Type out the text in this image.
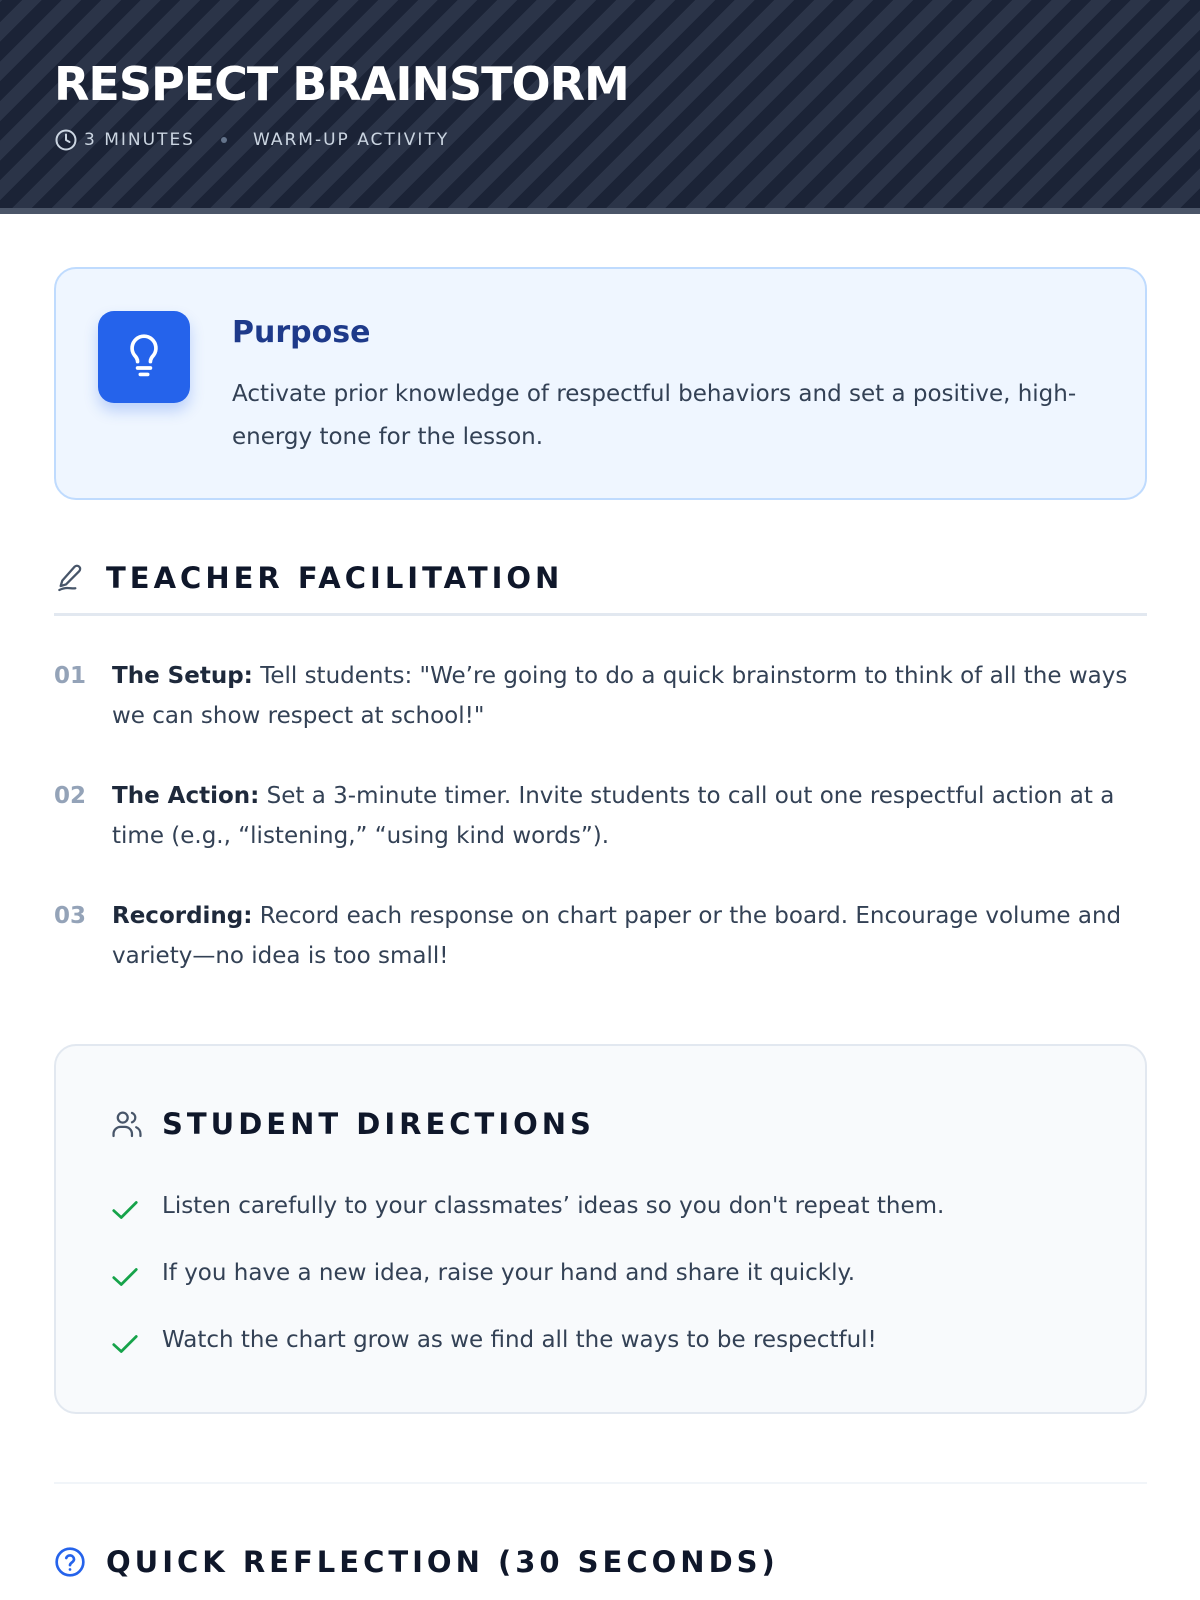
RESPECT BRAINSTORM
3 MINUTES	WARM-UP ACTIVITY
Purpose

Activate prior knowledge of respectful behaviors and set a positive, high-energy tone for the lesson.

TEACHER FACILITATION
01 The Setup: Tell students: "We’re going to do a quick brainstorm to think of all the ways we can show respect at school!"

02 The Action: Set a 3-minute timer. Invite students to call out one respectful action at a time (e.g., “listening,” “using kind words”).

03 Recording: Record each response on chart paper or the board. Encourage volume and variety—no idea is too small!

STUDENT DIRECTIONS
Listen carefully to your classmates’ ideas so you don't repeat them.
If you have a new idea, raise your hand and share it quickly.
Watch the chart grow as we find all the ways to be respectful!
QUICK REFLECTION (30 SECONDS)
